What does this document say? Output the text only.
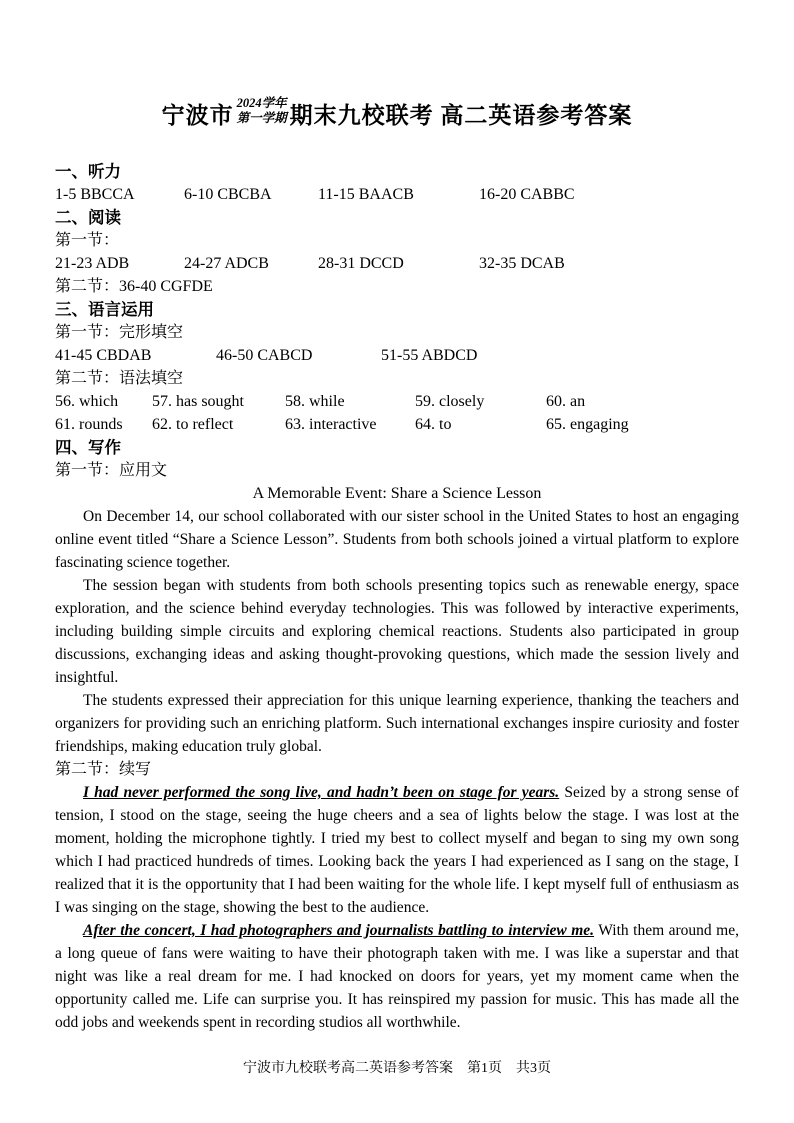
宁波市 2024学年
第一学期 期末九校联考 高二英语参考答案
一、听力
1-5 BBCCA	6-10 CBCBA	11-15 BAACB	16-20 CABBC
二、阅读
第一节：
21-23 ADB	24-27 ADCB	28-31 DCCD	32-35 DCAB
第二节：36-40 CGFDE
三、语言运用
第一节：完形填空
41-45 CBDAB	46-50 CABCD	51-55 ABDCD
第二节：语法填空
56. which 57. has sought	58. while	59. closely	60. an
61. rounds 62. to reflect	63. interactive 64. to	65. engaging
四、写作
第一节：应用文
A Memorable Event: Share a Science Lesson

On December 14, our school collaborated with our sister school in the United States to host an engaging online event titled “Share a Science Lesson”. Students from both schools joined a virtual platform to explore fascinating science together.

The session began with students from both schools presenting topics such as renewable energy, space exploration, and the science behind everyday technologies. This was followed by interactive experiments, including building simple circuits and exploring chemical reactions. Students also participated in group discussions, exchanging ideas and asking thought-provoking questions, which made the session lively and insightful.

The students expressed their appreciation for this unique learning experience, thanking the teachers and organizers for providing such an enriching platform. Such international exchanges inspire curiosity and foster friendships, making education truly global.

第二节：续写

I had never performed the song live, and hadn’t been on stage for years. Seized by a strong sense of tension, I stood on the stage, seeing the huge cheers and a sea of lights below the stage. I was lost at the moment, holding the microphone tightly. I tried my best to collect myself and began to sing my own song which I had practiced hundreds of times. Looking back the years I had experienced as I sang on the stage, I realized that it is the opportunity that I had been waiting for the whole life. I kept myself full of enthusiasm as I was singing on the stage, showing the best to the audience.

After the concert, I had photographers and journalists battling to interview me. With them around me, a long queue of fans were waiting to have their photograph taken with me. I was like a superstar and that night was like a real dream for me. I had knocked on doors for years, yet my moment came when the opportunity called me. Life can surprise you. It has reinspired my passion for music. This has made all the odd jobs and weekends spent in recording studios all worthwhile.

宁波市九校联考高二英语参考答案　第1页　共3页
